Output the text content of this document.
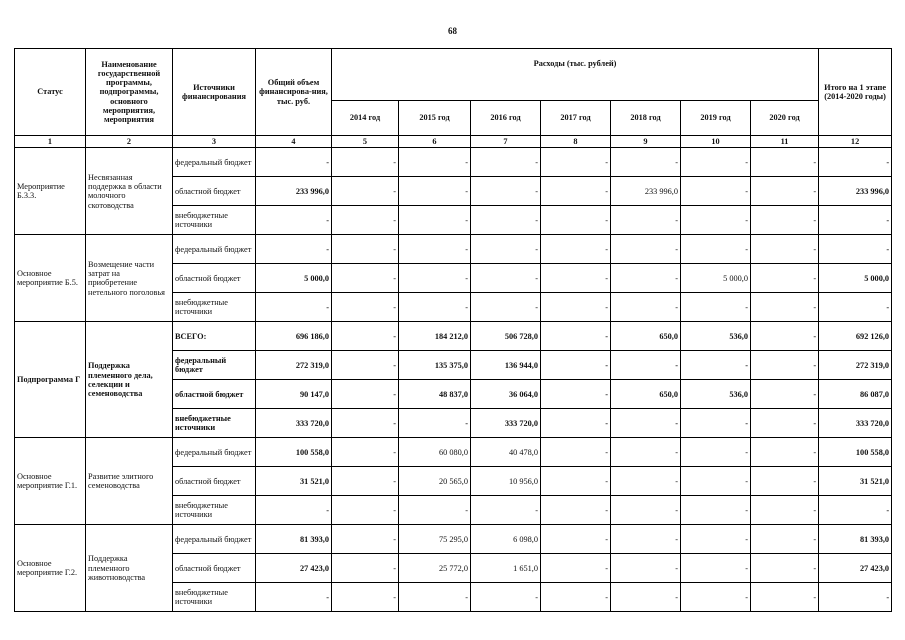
68
Статус	Наименование государственной программы, подпрограммы, основного мероприятия, мероприятия	Источники финансирования	Общий объем финансирова-ния, тыс. руб.	Расходы (тыс. рублей)							Итого на 1 этапе (2014-2020 годы)
				2014 год	2015 год	2016 год	2017 год	2018 год	2019 год	2020 год	
1	2	3	4	5	6	7	8	9	10	11	12
Мероприятие Б.3.3.	Несвязанная поддержка в области молочного скотоводства	федеральный бюджет	-	-	-	-	-	-	-	-	-
		областной бюджет	233 996,0	-	-	-	-	233 996,0	-	-	233 996,0
		внебюджетные источники	-	-	-	-	-	-	-	-	-
Основное мероприятие Б.5.	Возмещение части затрат на приобретение нетельного поголовья	федеральный бюджет	-	-	-	-	-	-	-	-	-
		областной бюджет	5 000,0	-	-	-	-	-	5 000,0	-	5 000,0
		внебюджетные источники	-	-	-	-	-	-	-	-	-
Подпрограмма Г	Поддержка племенного дела, селекции и семеноводства	ВСЕГО:	696 186,0	-	184 212,0	506 728,0	-	650,0	536,0	-	692 126,0
		федеральный бюджет	272 319,0	-	135 375,0	136 944,0	-	-	-	-	272 319,0
		областной бюджет	90 147,0	-	48 837,0	36 064,0	-	650,0	536,0	-	86 087,0
		внебюджетные источники	333 720,0	-	-	333 720,0	-	-	-	-	333 720,0
Основное мероприятие Г.1.	Развитие элитного семеноводства	федеральный бюджет	100 558,0	-	60 080,0	40 478,0	-	-	-	-	100 558,0
		областной бюджет	31 521,0	-	20 565,0	10 956,0	-	-	-	-	31 521,0
		внебюджетные источники	-	-	-	-	-	-	-	-	-
Основное мероприятие Г.2.	Поддержка племенного животноводства	федеральный бюджет	81 393,0	-	75 295,0	6 098,0	-	-	-	-	81 393,0
		областной бюджет	27 423,0	-	25 772,0	1 651,0	-	-	-	-	27 423,0
		внебюджетные источники	-	-	-	-	-	-	-	-	-
